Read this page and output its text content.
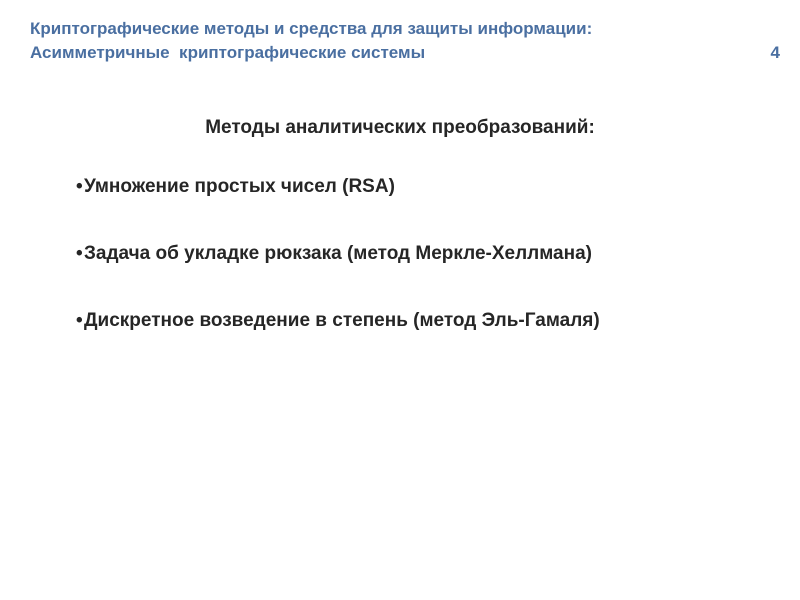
Криптографические методы и средства для защиты информации:
Асимметричные  криптографические системы	4
Методы аналитических преобразований:
•Умножение простых чисел (RSA)
•Задача об укладке рюкзака (метод Меркле-Хеллмана)
•Дискретное возведение в степень (метод Эль-Гамаля)
